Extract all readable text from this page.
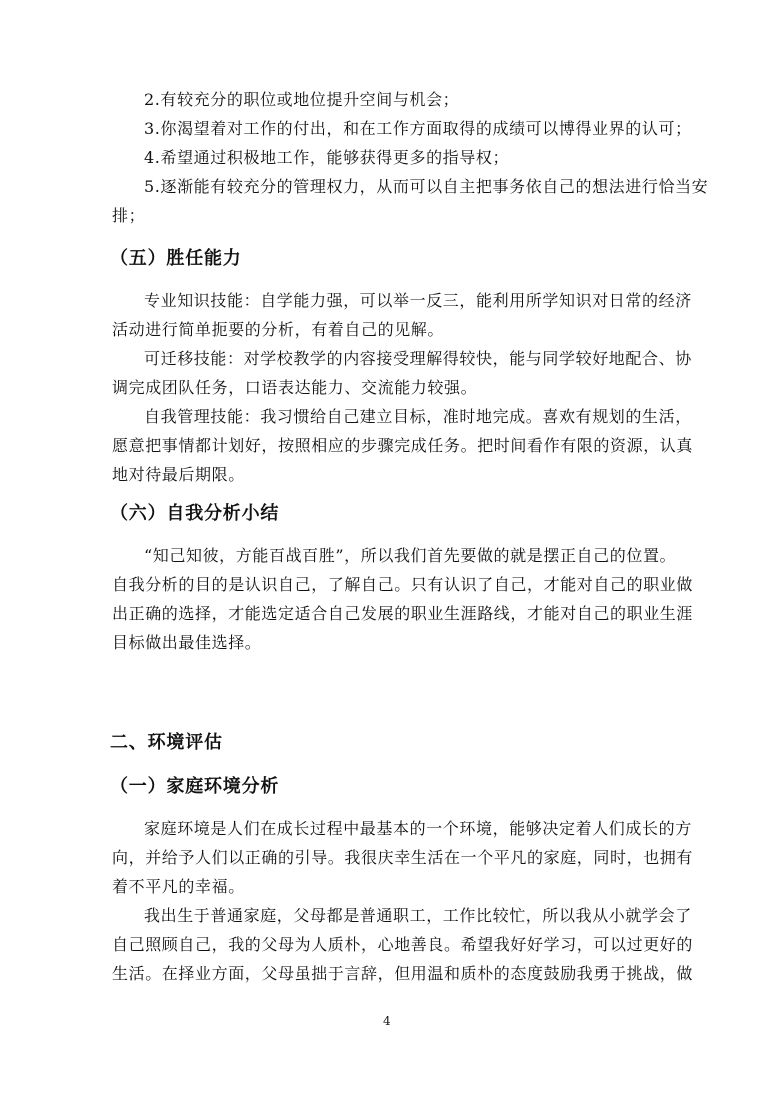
2.有较充分的职位或地位提升空间与机会；
3.你渴望着对工作的付出，和在工作方面取得的成绩可以博得业界的认可；
4.希望通过积极地工作，能够获得更多的指导权；
5.逐渐能有较充分的管理权力，从而可以自主把事务依自己的想法进行恰当安
排；
（五）胜任能力
专业知识技能：自学能力强，可以举一反三，能利用所学知识对日常的经济
活动进行简单扼要的分析，有着自己的见解。
可迁移技能：对学校教学的内容接受理解得较快，能与同学较好地配合、协
调完成团队任务，口语表达能力、交流能力较强。
自我管理技能：我习惯给自己建立目标，准时地完成。喜欢有规划的生活，
愿意把事情都计划好，按照相应的步骤完成任务。把时间看作有限的资源，认真
地对待最后期限。
（六）自我分析小结
“知己知彼，方能百战百胜”，所以我们首先要做的就是摆正自己的位置。
自我分析的目的是认识自己，了解自己。只有认识了自己，才能对自己的职业做
出正确的选择，才能选定适合自己发展的职业生涯路线，才能对自己的职业生涯
目标做出最佳选择。
二、环境评估
（一）家庭环境分析
家庭环境是人们在成长过程中最基本的一个环境，能够决定着人们成长的方
向，并给予人们以正确的引导。我很庆幸生活在一个平凡的家庭，同时，也拥有
着不平凡的幸福。
我出生于普通家庭，父母都是普通职工，工作比较忙，所以我从小就学会了
自己照顾自己，我的父母为人质朴，心地善良。希望我好好学习，可以过更好的
生活。在择业方面，父母虽拙于言辞，但用温和质朴的态度鼓励我勇于挑战，做
4
